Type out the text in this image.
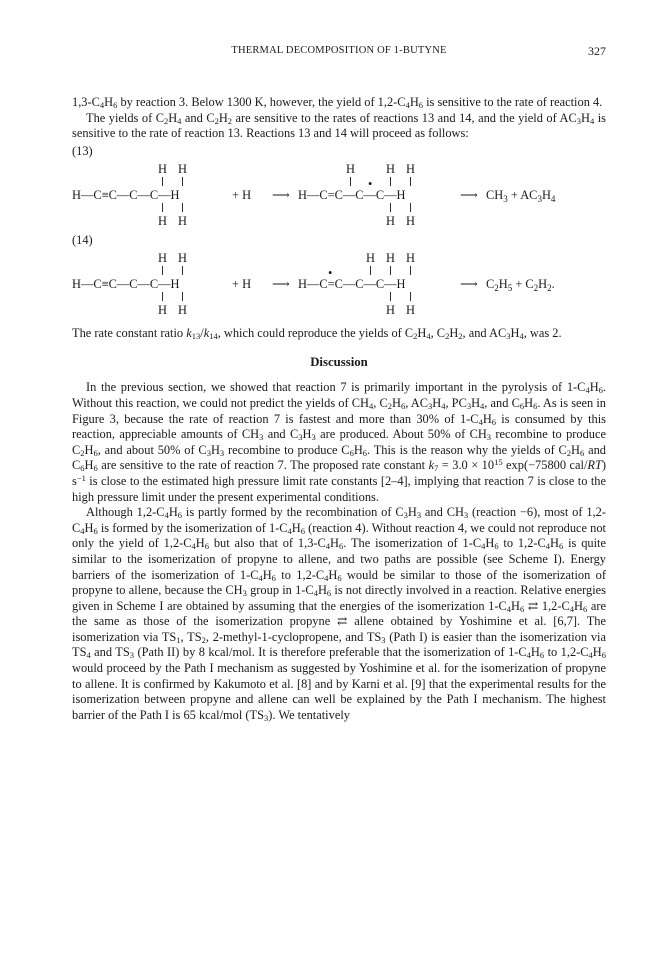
THERMAL DECOMPOSITION OF 1-BUTYNE	327

$1,3-C_4H_6$ by reaction 3. Below 1300 K, however, the yield of $1,2-C_4H_6$ is sensitive to the rate of reaction 4.

The yields of $C_2H_4$ and $C_2H_2$ are sensitive to the rates of reactions 13 and 14, and the yield of $AC_3H_4$ is sensitive to the rate of reaction 13. Reactions 13 and 14 will proceed as follows:

(13)
H H	H	H H
H—C≡C—C—C—H	+ H ⟶ H—C=C—C—C—H
•
⟶ $CH_3 + AC_3H_4$
H H	H H
(14)
H H	H H H
H—C≡C—C—C—H	+ H ⟶ H—C=C—C—C—H
•
⟶ $C_2H_5 + C_2H_2$.
H H	H H

The rate constant ratio $k_{13}/k_{14}$, which could reproduce the yields of $C_2H_4$, $C_2H_2$, and $AC_3H_4$, was 2.

Discussion

In the previous section, we showed that reaction 7 is primarily important in the pyrolysis of $1-C_4H_6$. Without this reaction, we could not predict the yields of $CH_4$, $C_2H_6$, $AC_3H_4$, $PC_3H_4$, and $C_6H_6$. As is seen in Figure 3, because the rate of reaction 7 is fastest and more than 30% of $1-C_4H_6$ is consumed by this reaction, appreciable amounts of $CH_3$ and $C_3H_3$ are produced. About 50% of $CH_3$ recombine to produce $C_2H_6$, and about 50% of $C_3H_3$ recombine to produce $C_6H_6$. This is the reason why the yields of $C_2H_6$ and $C_6H_6$ are sensitive to the rate of reaction 7. The proposed rate constant $k_7 = 3.0 \times 10^{15}$ exp(−75800 cal/RT) $s^{-1}$ is close to the estimated high pressure limit rate constants [2–4], implying that reaction 7 is close to the high pressure limit under the present experimental conditions.

Although $1,2-C_4H_6$ is partly formed by the recombination of $C_3H_3$ and $CH_3$ (reaction −6), most of $1,2-C_4H_6$ is formed by the isomerization of $1-C_4H_6$ (reaction 4). Without reaction 4, we could not reproduce not only the yield of $1,2-C_4H_6$ but also that of $1,3-C_4H_6$. The isomerization of $1-C_4H_6$ to $1,2-C_4H_6$ is quite similar to the isomerization of propyne to allene, and two paths are possible (see Scheme I). Energy barriers of the isomerization of $1-C_4H_6$ to $1,2-C_4H_6$ would be similar to those of the isomerization of propyne to allene, because the $CH_3$ group in $1-C_4H_6$ is not directly involved in a reaction. Relative energies given in Scheme I are obtained by assuming that the energies of the isomerization $1-C_4H_6$ ⇄ $1,2-C_4H_6$ are the same as those of the isomerization propyne ⇄ allene obtained by Yoshimine et al. [6,7]. The isomerization via $TS_1$, $TS_2$, 2-methyl-1-cyclopropene, and $TS_3$ (Path I) is easier than the isomerization via $TS_4$ and $TS_3$ (Path II) by 8 kcal/mol. It is therefore preferable that the isomerization of $1-C_4H_6$ to $1,2-C_4H_6$ would proceed by the Path I mechanism as suggested by Yoshimine et al. for the isomerization of propyne to allene. It is confirmed by Kakumoto et al. [8] and by Karni et al. [9] that the experimental results for the isomerization between propyne and allene can well be explained by the Path I mechanism. The highest barrier of the Path I is 65 kcal/mol $(TS_3)$. We tentatively
